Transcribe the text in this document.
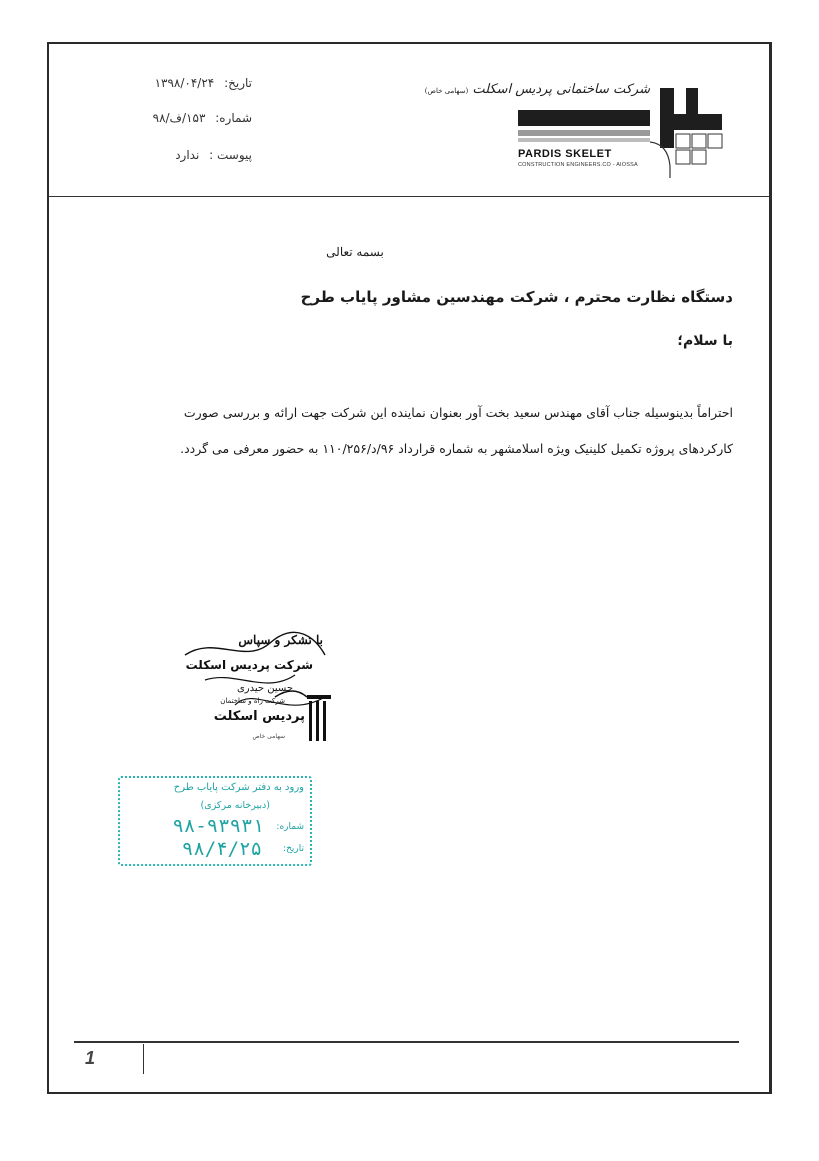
تاریخ: ۱۳۹۸/۰۴/۲۴
شماره: ۱۵۳/ف/۹۸
پیوست : ندارد
شرکت ساختمانی پردیس اسکلت (سهامی خاص)
PARDIS SKELET
CONSTRUCTION ENGINEERS.CO - AIOSSA
بسمه تعالی
دستگاه نظارت محترم ، شرکت مهندسین مشاور پایاب طرح
با سلام؛
احتراماً بدینوسیله جناب آقای مهندس سعید بخت آور بعنوان نماینده این شرکت جهت ارائه و بررسی صورت
کارکردهای پروژه تکمیل کلینیک ویژه اسلامشهر به شماره قرارداد ۹۶/د/۱۱۰/۲۵۶ به حضور معرفی می گردد.
با تشکر و سپاس
شرکت پردیس اسکلت
حسین حیدری
شرکت راه و ساختمان
پردیس اسکلت
سهامی خاص
ورود به دفتر شرکت پایاب طرح
(دبیرخانه مرکزی)
شماره:
۹۸-۹۳۹۳۱
تاریخ:
۹۸/۴/۲۵
1
